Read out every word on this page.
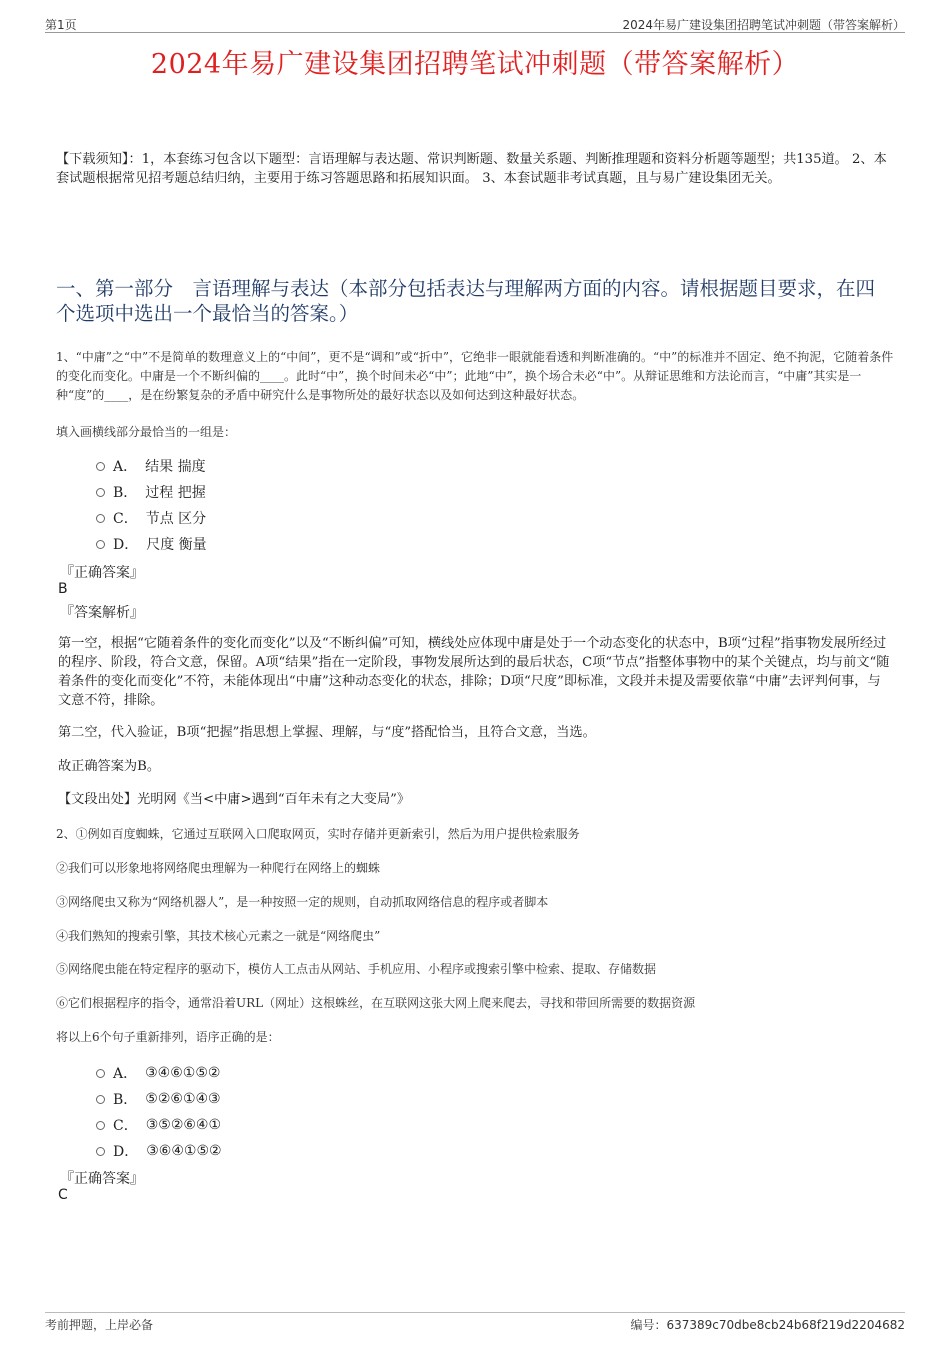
第1页	2024年易广建设集团招聘笔试冲刺题（带答案解析）
2024年易广建设集团招聘笔试冲刺题（带答案解析）
【下载须知】：1，本套练习包含以下题型：言语理解与表达题、常识判断题、数量关系题、判断推理题和资料分析题等题型；共135道。 2、本套试题根据常见招考题总结归纳，主要用于练习答题思路和拓展知识面。 3、本套试题非考试真题，且与易广建设集团无关。
一、第一部分　言语理解与表达（本部分包括表达与理解两方面的内容。请根据题目要求，在四个选项中选出一个最恰当的答案。）
1、“中庸”之“中”不是简单的数理意义上的“中间”，更不是“调和”或“折中”，它绝非一眼就能看透和判断准确的。“中”的标准并不固定、绝不拘泥，它随着条件的变化而变化。中庸是一个不断纠偏的____。此时“中”，换个时间未必“中”；此地“中”，换个场合未必“中”。从辩证思维和方法论而言，“中庸”其实是一种“度”的____，是在纷繁复杂的矛盾中研究什么是事物所处的最好状态以及如何达到这种最好状态。
填入画横线部分最恰当的一组是：
A． 结果 揣度
B． 过程 把握
C． 节点 区分
D． 尺度 衡量
『正确答案』
B
『答案解析』
第一空，根据“它随着条件的变化而变化”以及“不断纠偏”可知，横线处应体现中庸是处于一个动态变化的状态中，B项“过程”指事物发展所经过的程序、阶段，符合文意，保留。A项“结果”指在一定阶段，事物发展所达到的最后状态，C项“节点”指整体事物中的某个关键点，均与前文“随着条件的变化而变化”不符，未能体现出“中庸”这种动态变化的状态，排除；D项“尺度”即标准，文段并未提及需要依靠“中庸”去评判何事，与文意不符，排除。
第二空，代入验证，B项“把握”指思想上掌握、理解，与“度”搭配恰当，且符合文意，当选。
故正确答案为B。
【文段出处】光明网《当<中庸>遇到“百年未有之大变局”》
2、①例如百度蜘蛛，它通过互联网入口爬取网页，实时存储并更新索引，然后为用户提供检索服务
②我们可以形象地将网络爬虫理解为一种爬行在网络上的蜘蛛
③网络爬虫又称为“网络机器人”，是一种按照一定的规则，自动抓取网络信息的程序或者脚本
④我们熟知的搜索引擎，其技术核心元素之一就是“网络爬虫”
⑤网络爬虫能在特定程序的驱动下，模仿人工点击从网站、手机应用、小程序或搜索引擎中检索、提取、存储数据
⑥它们根据程序的指令，通常沿着URL（网址）这根蛛丝，在互联网这张大网上爬来爬去，寻找和带回所需要的数据资源
将以上6个句子重新排列，语序正确的是：
A． ③④⑥①⑤②
B． ⑤②⑥①④③
C． ③⑤②⑥④①
D． ③⑥④①⑤②
『正确答案』
C
考前押题，上岸必备	编号：637389c70dbe8cb24b68f219d2204682
